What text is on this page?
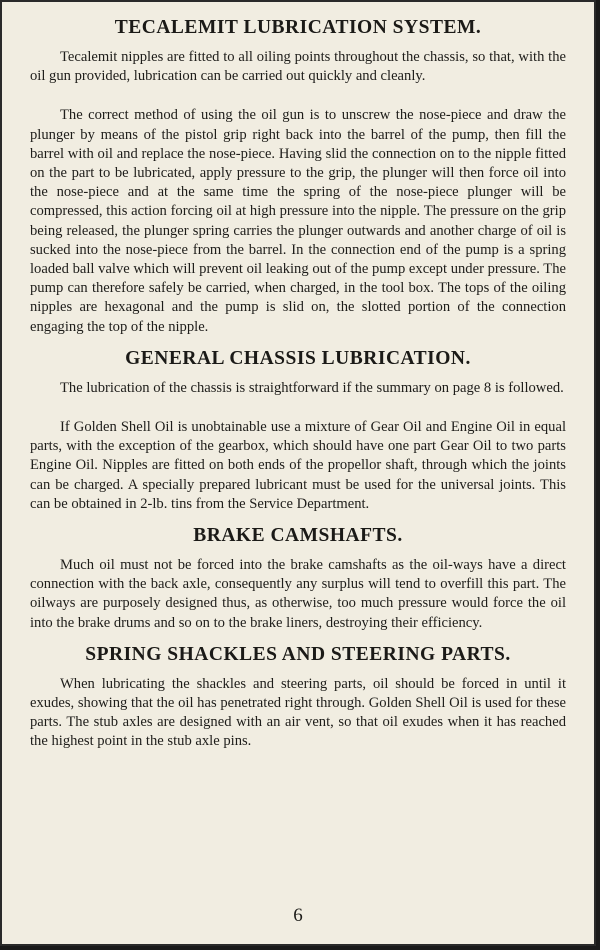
TECALEMIT LUBRICATION SYSTEM.

Tecalemit nipples are fitted to all oiling points throughout the chassis, so that, with the oil gun provided, lubrication can be carried out quickly and cleanly.

The correct method of using the oil gun is to unscrew the nose-piece and draw the plunger by means of the pistol grip right back into the barrel of the pump, then fill the barrel with oil and replace the nose-piece. Having slid the connection on to the nipple fitted on the part to be lubricated, apply pressure to the grip, the plunger will then force oil into the nose-piece and at the same time the spring of the nose-piece plunger will be compressed, this action forcing oil at high pressure into the nipple. The pressure on the grip being released, the plunger spring carries the plunger outwards and another charge of oil is sucked into the nose-piece from the barrel. In the connection end of the pump is a spring loaded ball valve which will prevent oil leaking out of the pump except under pressure. The pump can therefore safely be carried, when charged, in the tool box. The tops of the oiling nipples are hexagonal and the pump is slid on, the slotted portion of the connection engaging the top of the nipple.

GENERAL CHASSIS LUBRICATION.

The lubrication of the chassis is straightforward if the summary on page 8 is followed.

If Golden Shell Oil is unobtainable use a mixture of Gear Oil and Engine Oil in equal parts, with the exception of the gearbox, which should have one part Gear Oil to two parts Engine Oil. Nipples are fitted on both ends of the propellor shaft, through which the joints can be charged. A specially prepared lubricant must be used for the universal joints. This can be obtained in 2-lb. tins from the Service Department.

BRAKE CAMSHAFTS.

Much oil must not be forced into the brake camshafts as the oil-ways have a direct connection with the back axle, consequently any surplus will tend to overfill this part. The oilways are purposely designed thus, as otherwise, too much pressure would force the oil into the brake drums and so on to the brake liners, destroying their efficiency.

SPRING SHACKLES AND STEERING PARTS.

When lubricating the shackles and steering parts, oil should be forced in until it exudes, showing that the oil has penetrated right through. Golden Shell Oil is used for these parts. The stub axles are designed with an air vent, so that oil exudes when it has reached the highest point in the stub axle pins.

6
